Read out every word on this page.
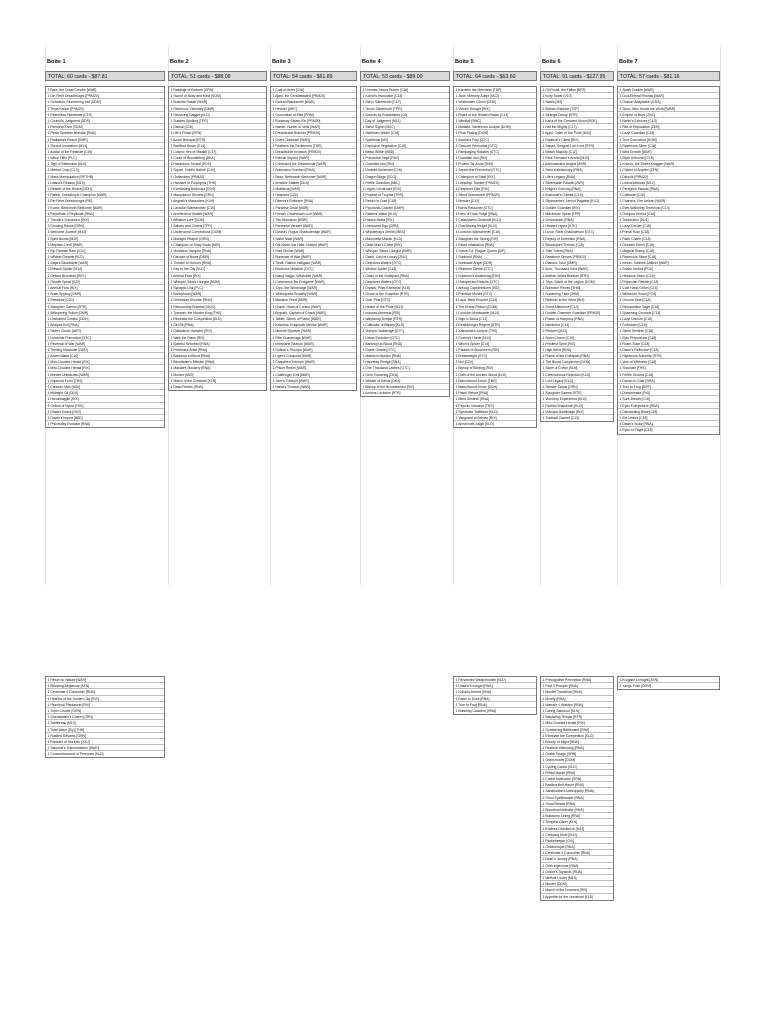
Boite 1
TOTAL: 60 cards - $87.81
1 Bare, the Great Creator [WAR]
1 Din Fleet Dreadnought [PRM20]
1 Grimalkin, Slumbering Idol [DDM]
1 Thyla Karion [PRM20]
1 Relentless Hidebeast [C19]
1 Council's Judgment [DDS]
1 Remorse Over [SDM]
1 Pirate Speaker Islandar [RNA]
1 Radiama's Reach [DMR]
1 Shroud Invocation [M14]
1 Avatar of the Reatride [C19]
1 Wave Tithe [PLC]
1 Sigil of Distinction [ALA]
1 Martial Coup [C13]
1 Mass Manipulation [RPTHB]
1 Liliana's Reason [M13]
1 Reader of the Reach [DDH]
1 Rattok, Dreadboyle Champion [WAR]
1 Din Fleet Dreadnought [RE]
1 Kozra, Behemoth Beckoner [WAR]
1 Repudiate // Replicate [RNA]
1 Traxulli's Successor [RIX]
1 Growing Ranks [GRN]
1 Welcome Zombie [M14]
1 Spirit Bonds [M20]
1 Mayhem Devil [WAR]
1 Rip Pinnate Rain [JOU]
1 Wildest Dreams [KLD]
1 Saga's Bloodfaste [WAR]
1 Ebbash Spider [M14]
1 Defiant Bloodlord [BFZ]
1 Growth Spiral [C20]
1 Arterial Flow [RIX]
1 Brain Spyboy [DMR]
1 Seedipse [C20]
1 Slaughter Games [RTR]
1 Whispering Snitch [DMR]
1 Uncharted Creator [DDH]
1 Analyze Evil [RNA]
1 Stolen Goods [AER]
1 Lumbride Primordial [GTC]
1 Reversal of War [WAR]
1 Thrilling Marauder [DDU]
1 Azami Blade [C16]
1 Mist-Clouded Herald [RIX]
1 Mist-Clouded Herald [RIX]
1 Brinder Unleashed [WAR]
1 Supernal Form [THS]
1 Caravan Man [M20]
1 Midnight Oil [DDS]
1 Hornswaggle [RIX]
1 Ordeal of Nylea [THS]
1 Glacier Knack [GK2]
1 Draxin's Import [BBD]
1 Philorsday Evidolun [RNA]
Boite 2
TOTAL: 51 cards - $88.08
1 Rakalaje of Embers [GRN]
1 Sword of Body and Mind [SOM]
1 Bushido Raider [WAR]
1 Ravenous Visionary [DMR]
1 Revolving Dagger [KLD]
1 Sudden Spoiling [TPR]
1 Dismal [C16]
1 Life's Finale [RPN]
1 Azure Betrayal [RTR]
1 Swiftfoot Boots [C14]
1 Cosmic Hex of Malakir [C17]
1 Curse of Bloodletting [DKA]
1 Hazardous Scrawl [DDS]
1 Squee, Goblin Nabob [C19]
1 Outlanders [PRM20]
1 Hamster of Porphyrus [THS]
1 Everlasting Ambrosia [DDS]
1 Mausoleum Secrets [GRN]
1 Angrath's Marauders [KLN]
1 Lavadon Warhammer [C16]
1 Archfiend of Ifnakfe [WAR]
1 Affliction Lore [DOM]
1 Sabers and Chains [TPR]
1 Underworld Connections [DOM]
1 Midnight Reaper [GRN]
1 Champion of Stray Souls [M20]
1 Vindictive Vampire [RNA]
1 Disciple of Bolas [DMR]
1 Theatre of Horrors [RNA]
1 Key to the City [KLD]
1 Arterial Flow [RIX]
1 Whisper, Blood Liturgist [MOM]
1 Synaptic Link [PLC]
1 Boneyhand [WAR]
1 Grimoldan Shoetar [RNA]
1 Resounding Bolettos [MOU]
1 Tyrranet, the Murder King [THS]
1 Eliminate the Competition [KLD]
1 Dirt Bit [RNA]
1 Dalliwanon Vampire [RIX]
1 Walk the Plank [RIX]
1 Spiteful Returned [RNA]
1 Fembrake Artist [RNA]
1 Bankrupt in Blood [RNA]
1 Bloodletter's Mission [RNA]
1 Macabre Mockery [RNA]
1 Murder [M20]
1 March of the Drowned [KLN]
1 Dead Revels [RNA]
Boite 3
TOTAL: 54 cards - $61.89
1 Coat of Arms [C06]
1 Ajani, the Greatheasted [PRM20]
1 Dobrah Blacksmith [WAR]
1 Reviver [ARC]
1 Groundline of Elite [PRM]
1 Runaway Steam-Kin [PRM20]
1 Namer, Hunter of Vells [WAR]
1 Dreadbrade Butcher [PRM20]
1 Grael Celebrant [WAR]
1 Feathers the Redeemed [TSR]
1 Dreadborde Invasion [PRM20]
1 Eternal Skylord [WAR]
1 Command the Dreadhorde [WAR]
1 Bolsonero Overlord [RNA]
1 Beza, Behemoth Beckoner [WAR]
1 Invisible Stalker [DKA]
1 Mutkarna [WAR]
1 Deepsnit [C20]
1 Diterva's Embrace [RNA]
1 Paradise Druid [WAR]
1 Hornet, Drachewan Lich [WAR]
1 The Wanderer [WAR]
1 Perennial Versant [WAR]
1 Dowsel, Rogue Shadowmage [WAR]
1 Sailor Mast [WAR]
1 Olk Narth, the Hate-Twisted [WAR]
1 Soul Diviner [WAR]
1 Bonesaw of War [WAR]
1 Tibalt, Rakish Instigator [WAR]
1 Booleous Mutation [GTC]
1 Kiang Vaggo, Wildsrider [WAR]
1 Commence the Endgame [WAR]
1 Topo, the Windmage [WAR]
1 Widespread Brutality [WAR]
1 Massum Feed [DMR]
1 Grave, Hand of Control [WAR]
1 Angrath, Captain of Chaos [WAR]
1 Tablet, Stems of Flame [WAR]
1 Kasmina, Enigmatic Mentor [WAR]
1 Merfolk Skydiver [WAR]
1 Elite Guardmage [WAR]
1 Interplane Beacon [WAR]
1 Gideon's Triumph [WAR]
1 Liger's Conquest [WAR]
1 Chandra's Triumph [WAR]
1 Prison Realm [WAR]
1 Challenger Troll [WAR]
1 Jace's Triumph [WAR]
1 Nissa's Triumph [WAR]
Boite 4
TOTAL: 53 cards - $89.00
1 Urmoas, Hours Ruiner [C16]
1 Kolvid's Invocation [C18]
1 Stevo Sabertooth [C17]
1 Tenuo Sabertooth [TPR]
1 Sounds by Rossbtsters [C6]
1 Day of Judgment [M12]
1 Steve Signet [M2C]
1 Skeletum Wilder [C18]
1 Spellbook [M3]
1 Explosive Vegetation [C18]
1 Beast Within [BBD]
1 Primordial Sage [RAV]
1 Guardian Idol [RIX]
1 Undead Alchemist [C16]
1 Dragon Mage [SCG]
1 Fertile Guardian [BBC]
1 Legion Lieutenant [RIX]
1 Prophet of Truphia [TPR]
1 Return to Dust [C18]
1 Psychosis Crawler [DMR]
1 Raiders' Wake [KLN]
1 Harbor Motta [RIX]
1 Unmoored Ego [GRN]
1 Whistlebay's Zenith [MBS]
1 Marionette Master [KLD]
1 Dead Man's Chest [RIX]
1 Whisper, Blood Liturgist [DMR]
1 Daskl, Lord of Luxury [ZNC]
1 Deepsnet Waters [GTC]
1 Wicked Spider [C13]
1 Glass of the Guildpact [RNA]
1 Deepsnet Waters [GTC]
1 Dryads, Pillar Exemplar [KLD]
1 Grove of the Guardian [RTR]
1 Over Plus [GTC]
1 Healer of the Pride [M13]
1 Induced Amnesia [RRI]
1 Wayfaring Temple [RTR]
1 Cultivator of Blades [KLD]
1 Vialupa Guildmage [GTC]
1 Urban Evolution [GTC]
1 Bankrupt in Blood [RNA]
1 Grave Gnarls [GTC]
1 Maddom Mystics [RNA]
1 Haunttaq Pledge [RNA]
1 One Thousand Lashes [GTC]
1 Grim Flowering [DKA]
1 Wreath of Geists [DKA]
1 Bishop of the Bloodstained [RIX]
1 Azorius Lockdow [RTR]
Boite 5
TOTAL: 64 cards - $63.60
1 Karnerik the Merciless [TSP]
1 Jace, Memory Adept [M12]
1 Whitewater Clown [DDB]
1 Voice's Hunger [RIX]
1 Roars of the Hidden Realm [C14]
1 Windfall [SMC]
1 Mallatte, Vanteera's Acolyte [DOM]
1 Final Parting [DOM]
1 Aurelia's Fury [GTC]
1 Obscure Primordial [GTC]
1 Rampaging Raksths [GTC]
1 Guardian Idol [RIX]
1 Protein Tai-Ardor [M19]
1 Sepulchral Primordial [GTC]
1 Champion of Steel [RIX]
1 Dreadnyr Tracker [PRM20]
1 Deepsnet Elite [RIX]
1 Silent Gravestone [PRM20]
1 Mender [C13]
1 Boros Reckoner [GTC]
1 Hero of Dark Ridge [RNA]
1 Cataclysmic Gearhulk [KLD]
1 Overflowing Insight [KLN]
1 Lovedon Warhammer [C16]
1 Slaughter the Strong [RIX]
1 Fated Infatuation [RNA]
1 Garza Zol, Plague Queen [DIP]
1 Sunbond [RNA]
1 Sunblade Angel [DDR]
1 Stubborn Denial [GTC]
1 Kuomme's Awakening [RIX]
1 Unexpected Results [GTC]
1 Amoog Capsbreakers [ISD]
1 Primitive Monks [GTC]
1 Lazu, Mem Prophet [C15]
1 The Eldest Reborn [DOM]
1 Loxodon Mindwaster [M14]
1 Sign in Blood [C14]
1 Deathbringer Regent [DTR]
1 Xassanria's Acolyte [THS]
1 Gorrod's Horde [M14]
1 Witch's Spider [C13]
1 Paladin of Atonement [RIX]
1 Breakweight [GTC]
1 Idol [C20]
1 Bishop of Binding [RIX]
1 Oath of the Ancient Wood [KLD]
1 Blanchwood Armor [TBD]
1 Blanchwood Armor [DDH]
1 Fated Return [RNA]
1 Blind Sentinel [RNA]
1 Psychic Intrusion [THS]
1 Syndicate Trafficker [KLD]
1 Vanguard of Brimaz [RIX]
1 Armorcraft Judge [KLD]
Boite 6
TOTAL: 91 cards - $127.95
1 Oil Roots, the Fallen [BFZ]
1 Ivory Tower [V10]
1 Stasis [M3]
1 Bishan Disputer [TSP]
1 Strange Decay [RTR]
1 Karui of the Crescent Moon [BOK]
1 Fall the Mighty [C17]
1 Ajani, Caller of the Pride [M14]
1 Radenal's Climb [RIX]
1 Sanad, Sinignet Lich Lord [RTR]
1 Beach Majority [C17]
1 Riva, Termano's Anvild [M15]
1 Administrator Angels [ASR]
1 Stelo Kaleidocopy [RNA]
1 Life's Legacy [RNA]
1 Silverblade Paladin [AVR]
1 Knight's Evening [RNA]
1 Illusionist's Gambit [C15]
1 Skyswarmer, Jamud Pagatha [KLD]
1 Golden Guardian [RIX]
1 Maximizer Spear [TPR]
1 Grolomision [RNA]
1 Hooded Hydra [KTK]
1 Luxur, Steel Shadowmoor [GTC]
1 Deputy of Detention [RNA]
1 Bloodspore Thrinax [C15]
1 Tiller Totem [RNA]
1 Seedborn Droves [PRM20]
1 Diabolic Tutor [DMR]
1 Auro, Thousand Kent [WAR]
1 Alathia, World Breaker [RTR]
1 Trips, Blade of the Legion [DOM]
1 Boredom Pieces [THM]
1 Sundering Titan [JHM]
1 Reliever to the Wind [RIX]
1 Grunt Affections [C13]
1 Growth Chamber Guardian [PRM20]
1 Phase of Harmony [RNA]
1 Nemboira [C13]
1 Reclaim [M12]
1 Swim Charm [C19]
1 Predtest Spirit [RIX]
1 High Wind [RNA]
1 Flame of the Guildpact [RNA]
1 The Blood Complexion [DOM]
1 Storm a Crown [KLN]
1 Ceremonious Rejection [KLD]
1 Lost Legacy [KLD]
1 Sinister Sands [GRN]
1 Slaughter Games [RTR]
1 Vinedrop Experiment [KLD]
1 Faithful Shandown [KLD]
1 Vulnapa Guildmage [RIX]
1 Tradicall Gambit [C13]
Boite 7
TOTAL: 57 cards - $81.16
1 Spark Double [WAR]
1 God-Eternal Rhonas [WAR]
1 Oracon Adaptation [DDS]
1 Skou, Who Howls the World [WAR]
1 Empire of Boys [ZNC]
1 Nahiri's Echocex [C13]
1 Rite of Replication [ZEN]
1 Lazyl Guardian [C18]
1 True Conviction [DOM]
1 Ravenous Slime [C18]
1 Wild Growth [WAR]
1 Blyth Unbound [C18]
1 Knorus, the Street Kraggen [WAR]
1 Chisler of Arcplex [ZEN]
1 Dikoolk [PRM20]
1 Ledmetoxbloks [M12]
1 Peregrine Haunts [RNA]
1 Calibade [C18]
1 Chandra, Fire Artisan [WAR]
1 Ever-Watching Threshold [C13]
1 Octopus Umbra [C18]
1 Tezzeratior [DD1]
1 Lazyl Divider [C18]
1 Primal Hour [C18]
1 Rakh Charm [C18]
1 Genesis Storm [C18]
1 Magical Stamp [C18]
1 Ravenous Slime [C18]
1 Ineket, Sublime Artificer [WAR]
1 Snake Umbra [PCA]
1 Hemlock Storm [C18]
1 Phyrexian Rebirth [C18]
1 Cold Hand Grifon [C18]
1 Wildwood Scion [PCA]
1 Ground Seal [C18]
1 Reclamation Sage [C18]
1 Spawning Grounds [C13]
1 Lazyl Unicorn [C18]
1 Forbidden [C18]
1 Silent Sentinel [C18]
1 Epic Proportions [C18]
1 Roam Solar [C18]
1 Dawn's Reflection [C18]
1 Righteous Authority [RTR]
1 Vow of Wildness [C18]
1 Shoulder [THS]
1 Fertile Ground [C18]
1 Dream to Gate [RNA]
1 Turn to Frog [DRF]
1 Dominimator [RIX]
1 Sure-Breath [C18]
1 Eyes Everywhere [RNA]
1 Dismantling Blow [C18]
1 Eel Umbra [C18]
1 Dawn's Scaly [RNA]
1 Eyes of Pright [C18]
1 Return to Nature [WAR]
1 Billowing Airglacour [KLN]
1 Cerebrate // Consumer [RNA]
1 Hearths of the Golden City [RIX]
1 Rezolbud Pieplanoid [RIX]
1 Torch Courier [GRN]
1 Gheulstalkin's Charm [GRN]
1 Swiftbreak [M13]
1 Tidal Wake [Ely] [THB]
1 Rustled Slitvams [GRN]
1 Rambler of Morinds [JOU]
1 Salomisi's Transmutation [WAR]
1 Conventionment of Personas [KLD]
1 Renowned Weaponsmith [KLD]
1 Drachri's Insight [RNA]
1 Kolvid's Advent [RNA]
1 Dawn to Dusk [RNA]
1 Turn to Frog [RNA]
1 Bubbling Cauldron [RNA]
1 Precognitive Perception [RNA]
1 Pest // Prosper [RNA]
1 Murder Transition [RNA]
1 Mortify [RNA]
1 Warrant // Warden [RNA]
1 Daring Sabotour [KLN]
1 Wayfaring Temple [RTR]
1 Mist-Clouded Herald [RIX]
1 Gumbering Battlement [RNA]
1 Eliminate the Competition [KLD]
1 Bounty of Might [RNA]
1 Resilent Watchdog [RNA]
1 Gratia Tyrago [GRN]
1 Siversmoder [DOM]
1 Cycling Dance [KLD]
1 Frilled Mystic [RNA]
1 Cubist Invaluator [GRN]
1 Basilica Bell-Haunt [RNA]
1 Sandbodhert Anthropathy [RNA]
1 Gruul Spellbreaker [RNA]
1 Gruul Brewer [RNA]
1 Bloodmal Infiltrator [RNA]
1 Bullwomp Lining [RNA]
1 Tempest Caller [KLN]
1 Endless Obedience [M13]
1 Creeping Mold [KLD]
1 Peacekeeper [GIX]
1 Guildnerique [RNA]
1 Cerebrate // Consumer [RNA]
1 Dean's Jocuby [RNA]
1 Grim Ingenious [RNA]
1 Dovon's Toylands [RNA]
1 Merfolk Louter [M13]
1 Murder [DDM]
1 March of the Drowned [RIX]
1 Appetite for the Unnatural [KLD]
1 Krugahn's Insight [ZEN]
1 Yangs Push [DOM]
